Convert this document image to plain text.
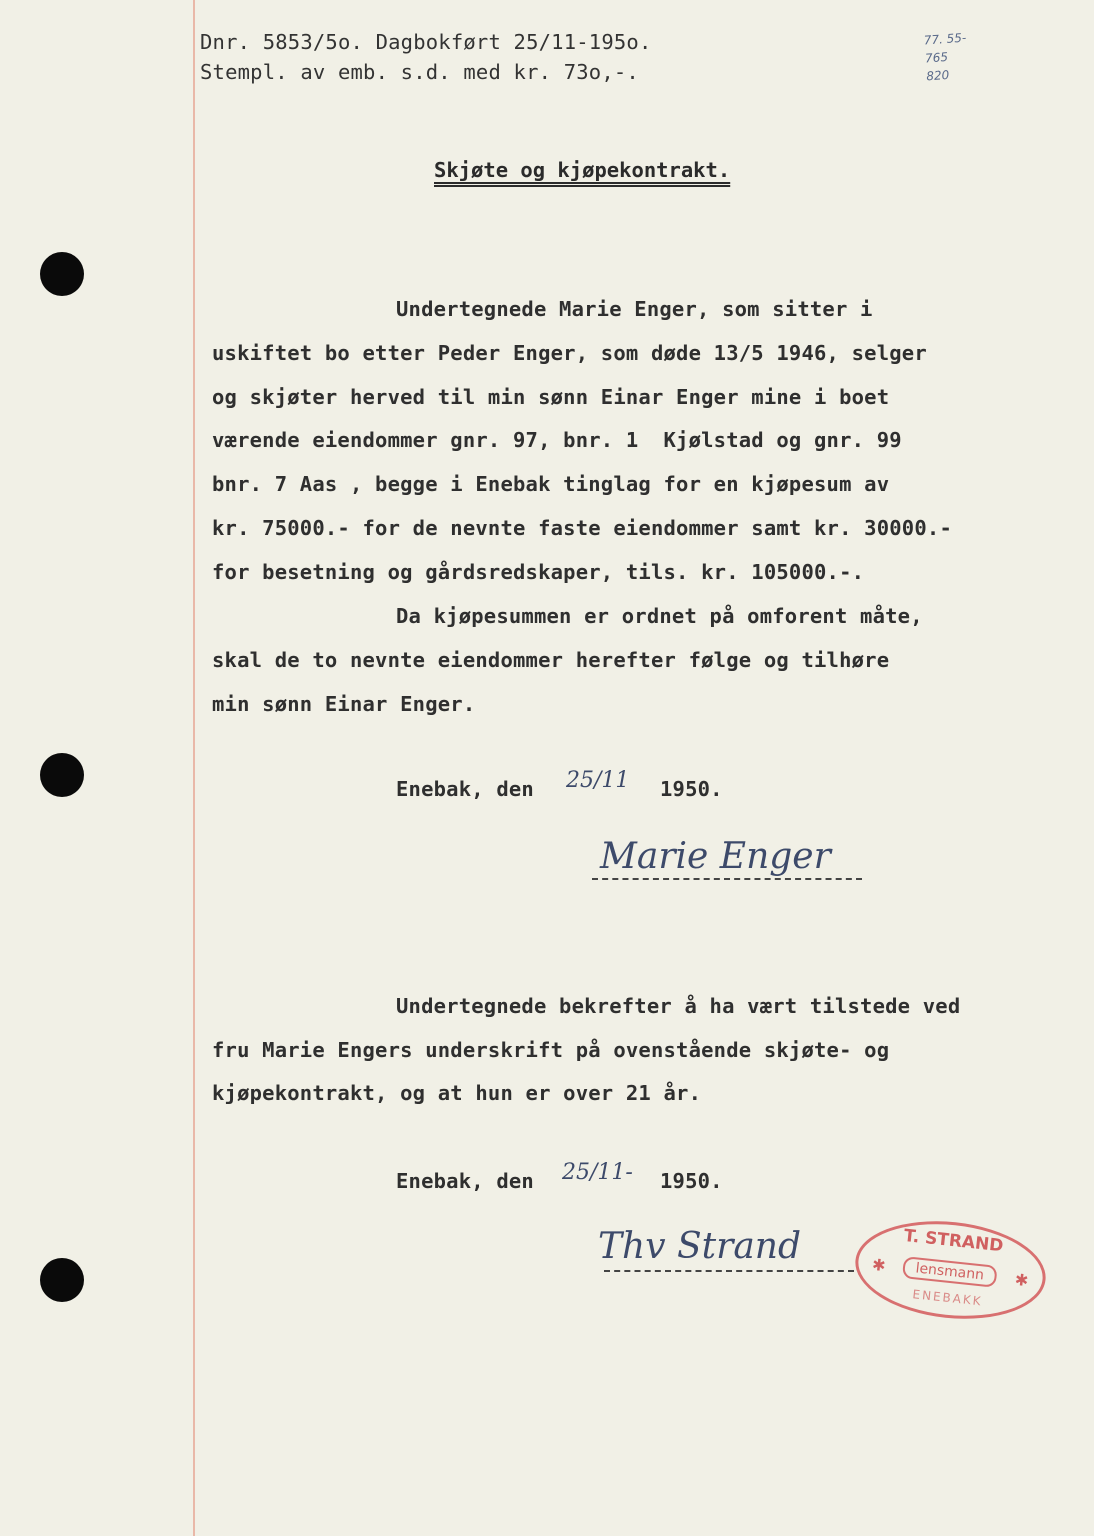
Dnr. 5853/5o. Dagbokført 25/11-195o.
Stempl. av emb. s.d. med kr. 73o,-.
77. 55-
765
820
Skjøte og kjøpekontrakt.
Undertegnede Marie Enger, som sitter i
uskiftet bo etter Peder Enger, som døde 13/5 1946, selger
og skjøter herved til min sønn Einar Enger mine i boet
værende eiendommer gnr. 97, bnr. 1  Kjølstad og gnr. 99
bnr. 7 Aas , begge i Enebak tinglag for en kjøpesum av
kr. 75000.- for de nevnte faste eiendommer samt kr. 30000.-
for besetning og gårdsredskaper, tils. kr. 105000.-.
Da kjøpesummen er ordnet på omforent måte,
skal de to nevnte eiendommer herefter følge og tilhøre
min sønn Einar Enger.
Enebak, den 25/11 1950.
Marie Enger
Undertegnede bekrefter å ha vært tilstede ved
fru Marie Engers underskrift på ovenstående skjøte- og
kjøpekontrakt, og at hun er over 21 år.
Enebak, den 25/11- 1950.
Thv Strand	T. STRAND
✱	lensmann	✱
ENEBAKK
